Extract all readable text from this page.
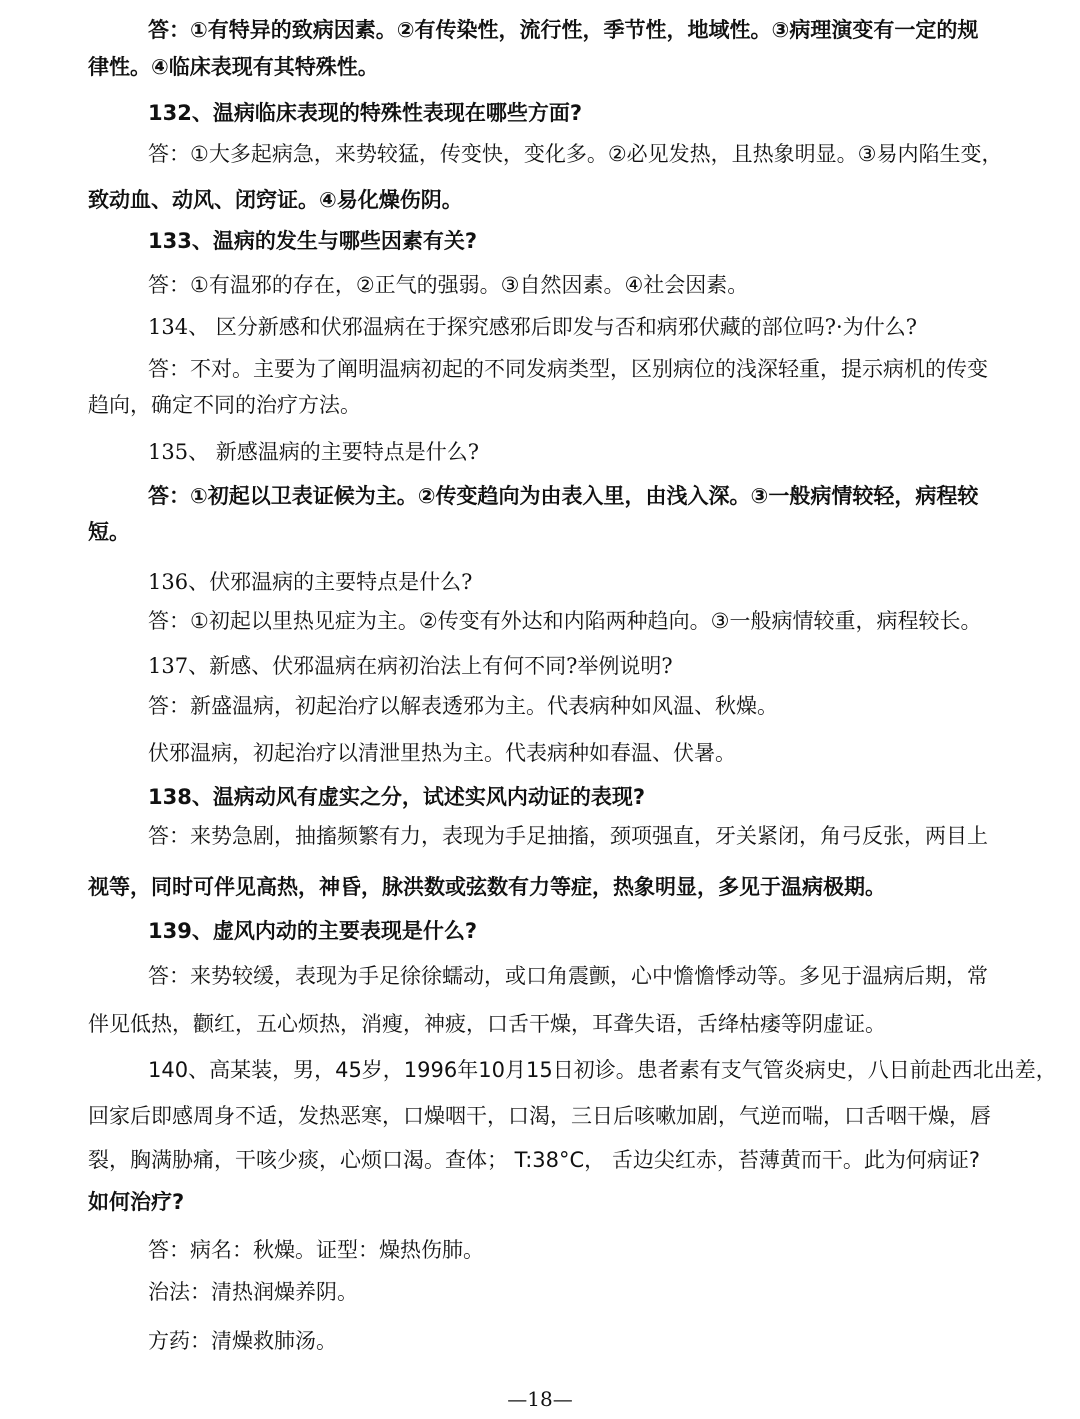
答：①有特异的致病因素。②有传染性，流行性，季节性，地域性。③病理演变有一定的规
律性。④临床表现有其特殊性。
132、温病临床表现的特殊性表现在哪些方面?
答：①大多起病急，来势较猛，传变快，变化多。②必见发热，且热象明显。③易内陷生变，
致动血、动风、闭窍证。④易化燥伤阴。
133、温病的发生与哪些因素有关?
答：①有温邪的存在，②正气的强弱。③自然因素。④社会因素。
134、 区分新感和伏邪温病在于探究感邪后即发与否和病邪伏藏的部位吗?·为什么?
答：不对。主要为了阐明温病初起的不同发病类型，区别病位的浅深轻重，提示病机的传变
趋向，确定不同的治疗方法。
135、 新感温病的主要特点是什么?
答：①初起以卫表证候为主。②传变趋向为由表入里，由浅入深。③一般病情较轻，病程较
短。
136、伏邪温病的主要特点是什么?
答：①初起以里热见症为主。②传变有外达和内陷两种趋向。③一般病情较重，病程较长。
137、新感、伏邪温病在病初治法上有何不同?举例说明?
答：新盛温病，初起治疗以解表透邪为主。代表病种如风温、秋燥。
伏邪温病，初起治疗以清泄里热为主。代表病种如春温、伏暑。
138、温病动风有虚实之分，试述实风内动证的表现?
答：来势急剧，抽搐频繁有力，表现为手足抽搐，颈项强直，牙关紧闭，角弓反张，两目上
视等，同时可伴见高热，神昏，脉洪数或弦数有力等症，热象明显，多见于温病极期。
139、虚风内动的主要表现是什么?
答：来势较缓，表现为手足徐徐蠕动，或口角震颤，心中憺憺悸动等。多见于温病后期，常
伴见低热，颧红，五心烦热，消瘦，神疲，口舌干燥，耳聋失语，舌绛枯痿等阴虚证。
140、高某装，男，45岁，1996年10月15日初诊。患者素有支气管炎病史，八日前赴西北出差，
回家后即感周身不适，发热恶寒，口燥咽干，口渴，三日后咳嗽加剧，气逆而喘，口舌咽干燥，唇
裂，胸满胁痛，干咳少痰，心烦口渴。查体； T:38°C， 舌边尖红赤，苔薄黄而干。此为何病证?
如何治疗?
答：病名：秋燥。证型：燥热伤肺。
治法：清热润燥养阴。
方药：清燥救肺汤。
—18—
